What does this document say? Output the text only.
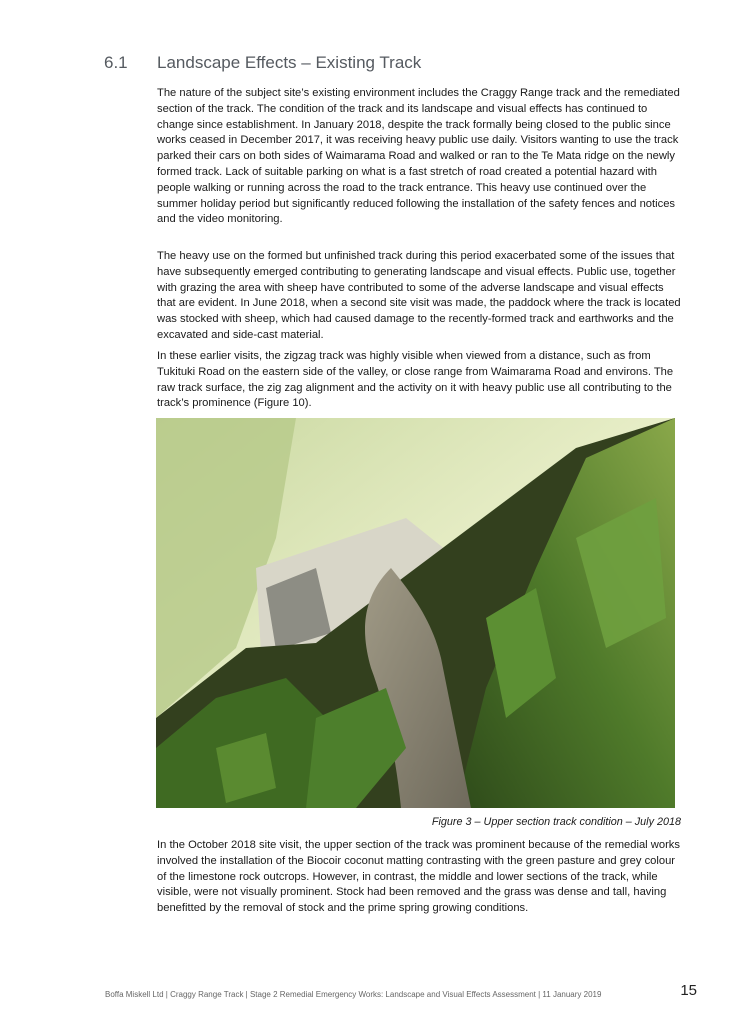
6.1 Landscape Effects – Existing Track

The nature of the subject site’s existing environment includes the Craggy Range track and the remediated section of the track. The condition of the track and its landscape and visual effects has continued to change since establishment. In January 2018, despite the track formally being closed to the public since works ceased in December 2017, it was receiving heavy public use daily. Visitors wanting to use the track parked their cars on both sides of Waimarama Road and walked or ran to the Te Mata ridge on the newly formed track. Lack of suitable parking on what is a fast stretch of road created a potential hazard with people walking or running across the road to the track entrance. This heavy use continued over the summer holiday period but significantly reduced following the installation of the safety fences and notices and the video monitoring.

The heavy use on the formed but unfinished track during this period exacerbated some of the issues that have subsequently emerged contributing to generating landscape and visual effects. Public use, together with grazing the area with sheep have contributed to some of the adverse landscape and visual effects that are evident. In June 2018, when a second site visit was made, the paddock where the track is located was stocked with sheep, which had caused damage to the recently-formed track and earthworks and the excavated and side-cast material.

In these earlier visits, the zigzag track was highly visible when viewed from a distance, such as from Tukituki Road on the eastern side of the valley, or close range from Waimarama Road and environs. The raw track surface, the zig zag alignment and the activity on it with heavy public use all contributing to the track’s prominence (Figure 10).

Figure 3 – Upper section track condition – July 2018

In the October 2018 site visit, the upper section of the track was prominent because of the remedial works involved the installation of the Biocoir coconut matting contrasting with the green pasture and grey colour of the limestone rock outcrops. However, in contrast, the middle and lower sections of the track, while visible, were not visually prominent. Stock had been removed and the grass was dense and tall, having benefitted by the removal of stock and the prime spring growing conditions.

Boffa Miskell Ltd | Craggy Range Track | Stage 2 Remedial Emergency Works: Landscape and Visual Effects Assessment | 11 January 2019	15
